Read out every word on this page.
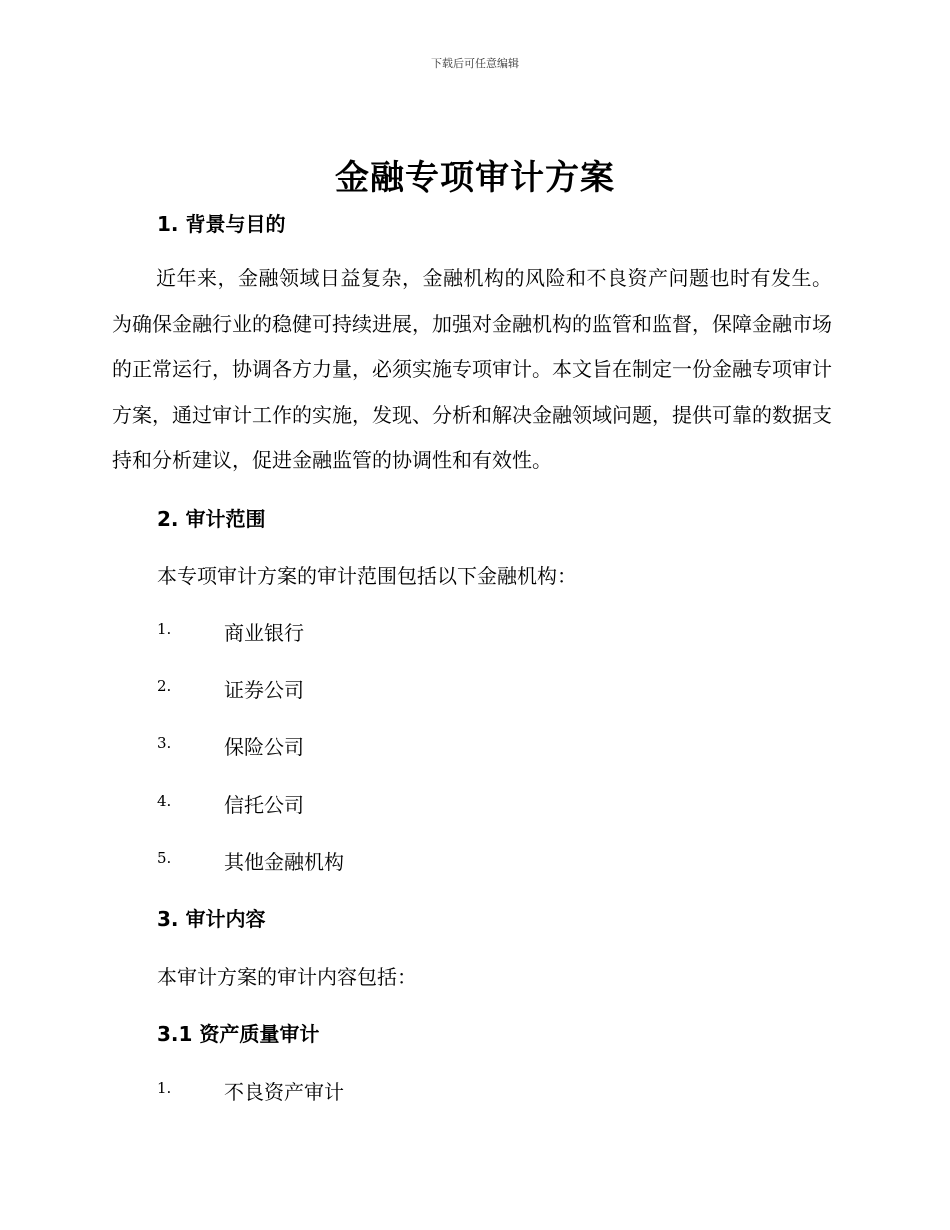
下载后可任意编辑
金融专项审计方案
1. 背景与目的
近年来，金融领域日益复杂，金融机构的风险和不良资产问题也时有发生。为确保金融行业的稳健可持续进展，加强对金融机构的监管和监督，保障金融市场的正常运行，协调各方力量，必须实施专项审计。本文旨在制定一份金融专项审计方案，通过审计工作的实施，发现、分析和解决金融领域问题，提供可靠的数据支持和分析建议，促进金融监管的协调性和有效性。
2. 审计范围
本专项审计方案的审计范围包括以下金融机构：
1.	商业银行
2.	证券公司
3.	保险公司
4.	信托公司
5.	其他金融机构
3. 审计内容
本审计方案的审计内容包括：
3.1 资产质量审计
1.	不良资产审计
